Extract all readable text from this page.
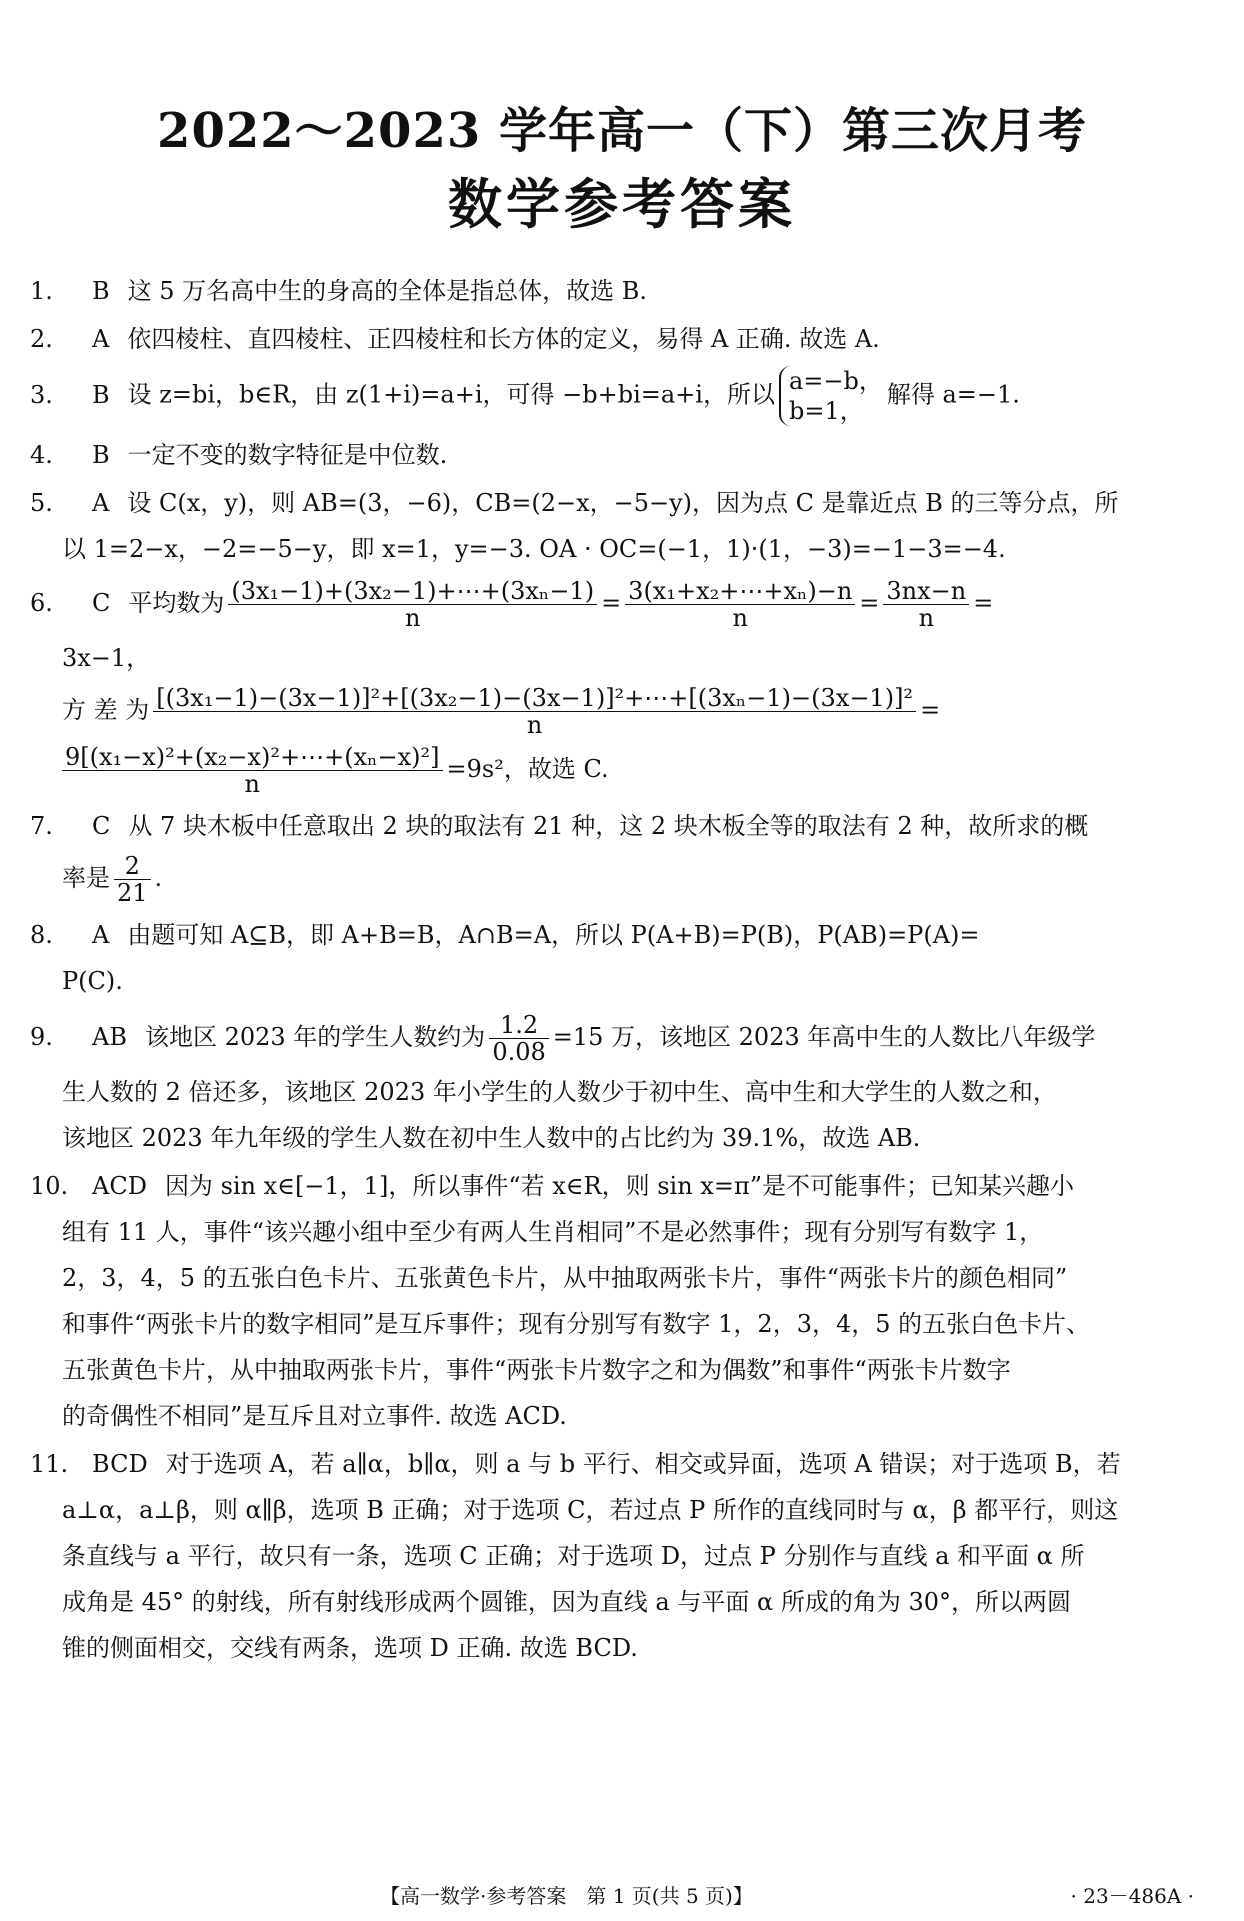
2022～2023 学年高一（下）第三次月考
数学参考答案
1. B 这 5 万名高中生的身高的全体是指总体，故选 B.
2. A 依四棱柱、直四棱柱、正四棱柱和长方体的定义，易得 A 正确. 故选 A.
3. B 设 z=bi，b∈R，由 z(1+i)=a+i，可得 −b+bi=a+i，所以 a=−b，
b=1，
解得 a=−1.
4. B 一定不变的数字特征是中位数.
5. A 设 C(x，y)，则 AB=(3，−6)，CB=(2−x，−5−y)，因为点 C 是靠近点 B 的三等分点，所
以 1=2−x，−2=−5−y，即 x=1，y=−3. OA · OC=(−1，1)·(1，−3)=−1−3=−4.
6. C 平均数为 $\frac{\text{(3x₁−1)+(3x₂−1)+⋯+(3xₙ−1)}}{n} = \frac{\text{3(x₁+x₂+⋯+xₙ)−n}}{n} = \frac{3nx-n}{n}$ =
3x−1，
方 差 为 $\frac{\text{[(3x₁−1)−(3x−1)]²+[(3x₂−1)−(3x−1)]²+⋯+[(3xₙ−1)−(3x−1)]²}}{n}$ =
$\frac{\text{9[(x₁−x)²+(x₂−x)²+⋯+(xₙ−x)²]}}{n} =9s^2$，故选 C.
7. C 从 7 块木板中任意取出 2 块的取法有 21 种，这 2 块木板全等的取法有 2 种，故所求的概
率是 $\frac{2}{21}$ .
8. A 由题可知 A⊆B，即 A+B=B，A∩B=A，所以 P(A+B)=P(B)，P(AB)=P(A)=
P(C).
9. AB 该地区 2023 年的学生人数约为 $\frac{1.2}{0.08} =15$ 万，该地区 2023 年高中生的人数比八年级学
生人数的 2 倍还多，该地区 2023 年小学生的人数少于初中生、高中生和大学生的人数之和，
该地区 2023 年九年级的学生人数在初中生人数中的占比约为 39.1%，故选 AB.
10. ACD 因为 sin x∈[−1，1]，所以事件“若 x∈R，则 sin x=π”是不可能事件；已知某兴趣小
组有 11 人，事件“该兴趣小组中至少有两人生肖相同”不是必然事件；现有分别写有数字 1，
2，3，4，5 的五张白色卡片、五张黄色卡片，从中抽取两张卡片，事件“两张卡片的颜色相同”
和事件“两张卡片的数字相同”是互斥事件；现有分别写有数字 1，2，3，4，5 的五张白色卡片、
五张黄色卡片，从中抽取两张卡片，事件“两张卡片数字之和为偶数”和事件“两张卡片数字
的奇偶性不相同”是互斥且对立事件. 故选 ACD.
11. BCD 对于选项 A，若 a∥α，b∥α，则 a 与 b 平行、相交或异面，选项 A 错误；对于选项 B，若
a⊥α，a⊥β，则 α∥β，选项 B 正确；对于选项 C，若过点 P 所作的直线同时与 α，β 都平行，则这
条直线与 a 平行，故只有一条，选项 C 正确；对于选项 D，过点 P 分别作与直线 a 和平面 α 所
成角是 45° 的射线，所有射线形成两个圆锥，因为直线 a 与平面 α 所成的角为 30°，所以两圆
锥的侧面相交，交线有两条，选项 D 正确. 故选 BCD.
【高一数学·参考答案　第 1 页(共 5 页)】	· 23－486A ·
